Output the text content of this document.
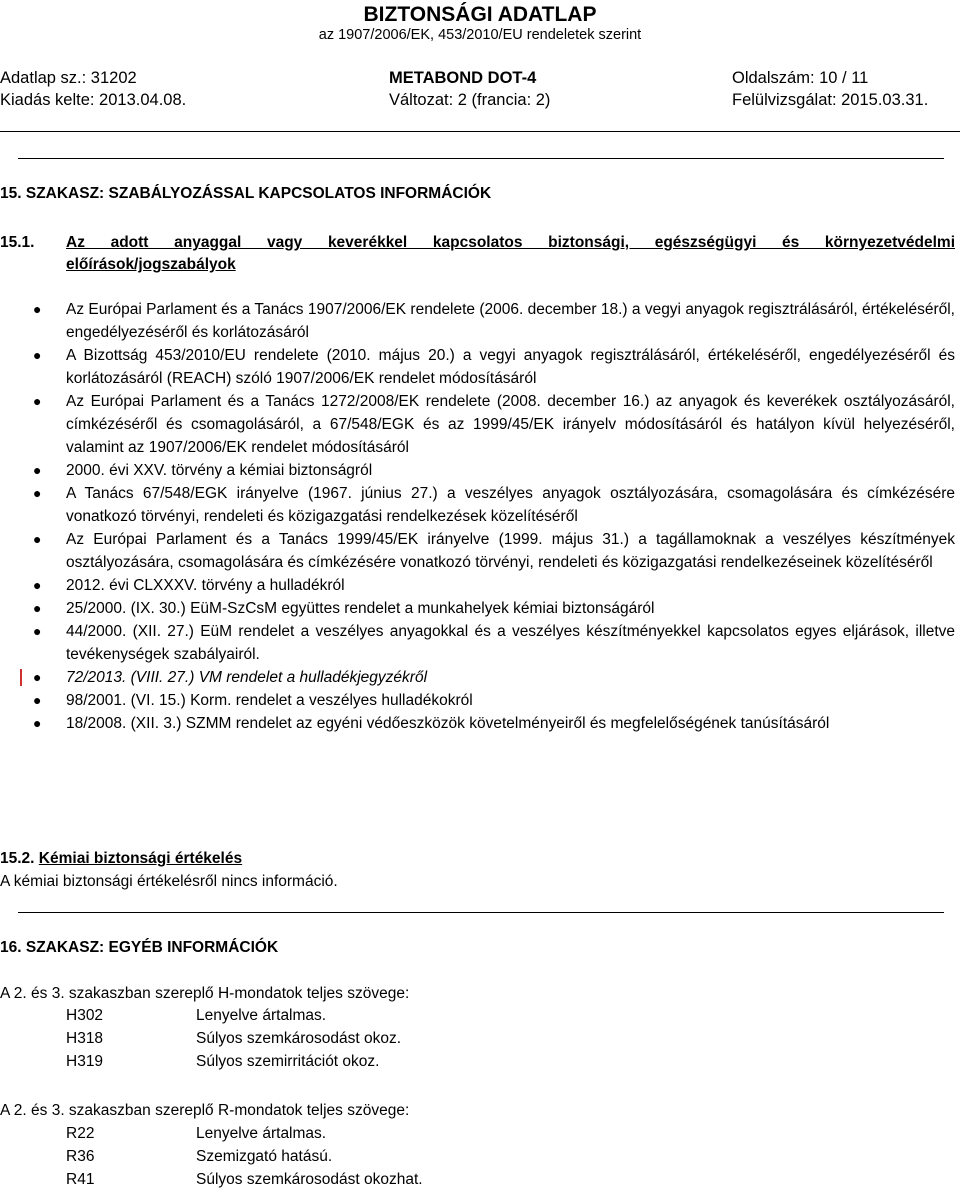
BIZTONSÁGI ADATLAP
az 1907/2006/EK, 453/2010/EU rendeletek szerint
Adatlap sz.: 31202	METABOND DOT-4	Oldalszám: 10 / 11
Kiadás kelte: 2013.04.08.	Változat: 2 (francia: 2)	Felülvizsgálat: 2015.03.31.
15. SZAKASZ: SZABÁLYOZÁSSAL KAPCSOLATOS INFORMÁCIÓK
15.1. Az adott anyaggal vagy keverékkel kapcsolatos biztonsági, egészségügyi és környezetvédelmi
előírások/jogszabályok
● Az Európai Parlament és a Tanács 1907/2006/EK rendelete (2006. december 18.) a vegyi anyagok regisztrálásáról, értékeléséről, engedélyezéséről és korlátozásáról
● A Bizottság 453/2010/EU rendelete (2010. május 20.) a vegyi anyagok regisztrálásáról, értékeléséről, engedélyezéséről és korlátozásáról (REACH) szóló 1907/2006/EK rendelet módosításáról
● Az Európai Parlament és a Tanács 1272/2008/EK rendelete (2008. december 16.) az anyagok és keverékek osztályozásáról, címkézéséről és csomagolásáról, a 67/548/EGK és az 1999/45/EK irányelv módosításáról és hatályon kívül helyezéséről, valamint az 1907/2006/EK rendelet módosításáról
● 2000. évi XXV. törvény a kémiai biztonságról
● A Tanács 67/548/EGK irányelve (1967. június 27.) a veszélyes anyagok osztályozására, csomagolására és címkézésére vonatkozó törvényi, rendeleti és közigazgatási rendelkezések közelítéséről
● Az Európai Parlament és a Tanács 1999/45/EK irányelve (1999. május 31.) a tagállamoknak a veszélyes készítmények osztályozására, csomagolására és címkézésére vonatkozó törvényi, rendeleti és közigazgatási rendelkezéseinek közelítéséről
● 2012. évi CLXXXV. törvény a hulladékról
● 25/2000. (IX. 30.) EüM-SzCsM együttes rendelet a munkahelyek kémiai biztonságáról
● 44/2000. (XII. 27.) EüM rendelet a veszélyes anyagokkal és a veszélyes készítményekkel kapcsolatos egyes eljárások, illetve tevékenységek szabályairól.
● 72/2013. (VIII. 27.) VM rendelet a hulladékjegyzékről
● 98/2001. (VI. 15.) Korm. rendelet a veszélyes hulladékokról
● 18/2008. (XII. 3.) SZMM rendelet az egyéni védőeszközök követelményeiről és megfelelőségének tanúsításáról
15.2. Kémiai biztonsági értékelés
A kémiai biztonsági értékelésről nincs információ.
16. SZAKASZ: EGYÉB INFORMÁCIÓK
A 2. és 3. szakaszban szereplő H-mondatok teljes szövege:
H302	Lenyelve ártalmas.
H318	Súlyos szemkárosodást okoz.
H319	Súlyos szemirritációt okoz.
A 2. és 3. szakaszban szereplő R-mondatok teljes szövege:
R22	Lenyelve ártalmas.
R36	Szemizgató hatású.
R41	Súlyos szemkárosodást okozhat.
